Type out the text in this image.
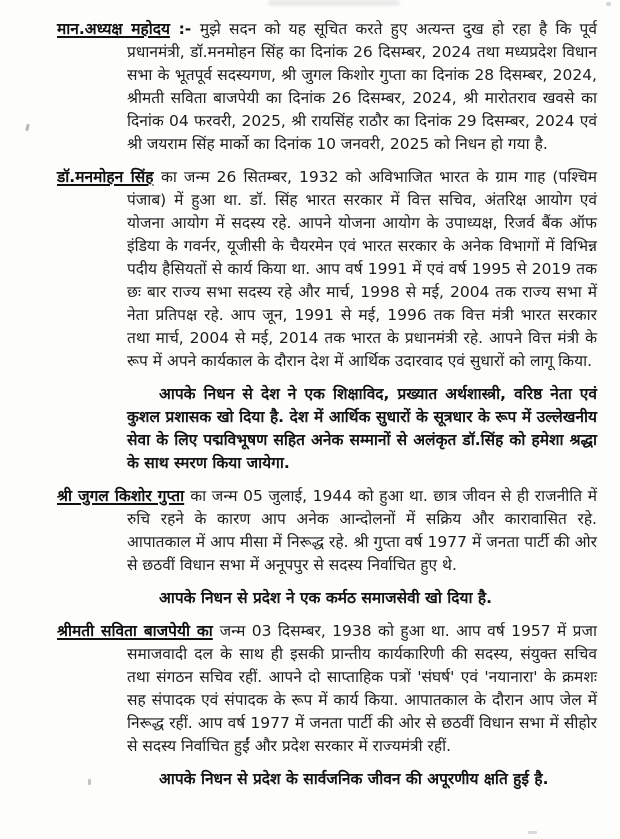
मान.अध्यक्ष महोदय :- मुझे सदन को यह सूचित करते हुए अत्यन्त दुख हो रहा है कि पूर्व प्रधानमंत्री, डॉ.मनमोहन सिंह का दिनांक 26 दिसम्बर, 2024 तथा मध्यप्रदेश विधान सभा के भूतपूर्व सदस्यगण, श्री जुगल किशोर गुप्ता का दिनांक 28 दिसम्बर, 2024, श्रीमती सविता बाजपेयी का दिनांक 26 दिसम्बर, 2024, श्री मारोतराव खवसे का दिनांक 04 फरवरी, 2025, श्री रायसिंह राठौर का दिनांक 29 दिसम्बर, 2024 एवं श्री जयराम सिंह मार्को का दिनांक 10 जनवरी, 2025 को निधन हो गया है.

डॉ.मनमोहन सिंह का जन्म 26 सितम्बर, 1932 को अविभाजित भारत के ग्राम गाह (पश्चिम पंजाब) में हुआ था. डॉ. सिंह भारत सरकार में वित्त सचिव, अंतरिक्ष आयोग एवं योजना आयोग में सदस्य रहे. आपने योजना आयोग के उपाध्यक्ष, रिजर्व बैंक ऑफ इंडिया के गवर्नर, यूजीसी के चैयरमेन एवं भारत सरकार के अनेक विभागों में विभिन्न पदीय हैसियतों से कार्य किया था. आप वर्ष 1991 में एवं वर्ष 1995 से 2019 तक छः बार राज्य सभा सदस्य रहे और मार्च, 1998 से मई, 2004 तक राज्य सभा में नेता प्रतिपक्ष रहे. आप जून, 1991 से मई, 1996 तक वित्त मंत्री भारत सरकार तथा मार्च, 2004 से मई, 2014 तक भारत के प्रधानमंत्री रहे. आपने वित्त मंत्री के रूप में अपने कार्यकाल के दौरान देश में आर्थिक उदारवाद एवं सुधारों को लागू किया.

आपके निधन से देश ने एक शिक्षाविद, प्रख्यात अर्थशास्त्री, वरिष्ठ नेता एवं कुशल प्रशासक खो दिया है. देश में आर्थिक सुधारों के सूत्रधार के रूप में उल्लेखनीय सेवा के लिए पद्मविभूषण सहित अनेक सम्मानों से अलंकृत डॉ.सिंह को हमेशा श्रद्धा के साथ स्मरण किया जायेगा.

श्री जुगल किशोर गुप्ता का जन्म 05 जुलाई, 1944 को हुआ था. छात्र जीवन से ही राजनीति में रुचि रहने के कारण आप अनेक आन्दोलनों में सक्रिय और कारावासित रहे. आपातकाल में आप मीसा में निरूद्ध रहे. श्री गुप्ता वर्ष 1977 में जनता पार्टी की ओर से छठवीं विधान सभा में अनूपपुर से सदस्य निर्वाचित हुए थे.

आपके निधन से प्रदेश ने एक कर्मठ समाजसेवी खो दिया है.

श्रीमती सविता बाजपेयी का जन्म 03 दिसम्बर, 1938 को हुआ था. आप वर्ष 1957 में प्रजा समाजवादी दल के साथ ही इसकी प्रान्तीय कार्यकारिणी की सदस्य, संयुक्त सचिव तथा संगठन सचिव रहीं. आपने दो साप्ताहिक पत्रों 'संघर्ष' एवं 'नयानारा' के क्रमशः सह संपादक एवं संपादक के रूप में कार्य किया. आपातकाल के दौरान आप जेल में निरूद्ध रहीं. आप वर्ष 1977 में जनता पार्टी की ओर से छठवीं विधान सभा में सीहोर से सदस्य निर्वाचित हुईं और प्रदेश सरकार में राज्यमंत्री रहीं.

आपके निधन से प्रदेश के सार्वजनिक जीवन की अपूरणीय क्षति हुई है.
